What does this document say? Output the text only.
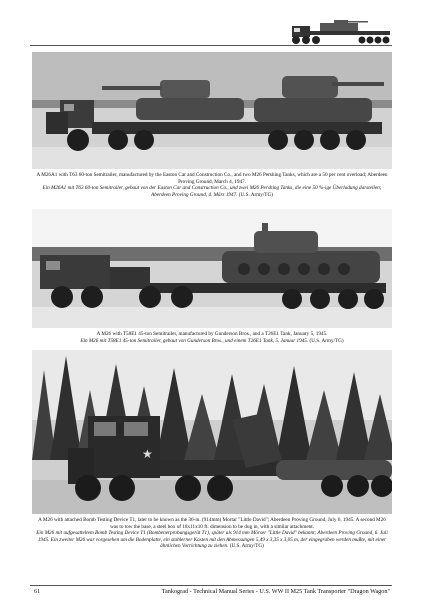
A M26A1 with T63 60-ton Semitrailer, manufactured by the Easton Car and Construction Co., and two M26 Pershing Tanks, which are a 50 per cent overload; Aberdeen Proving Ground, March 4, 1947.
Ein M26A1 mit T63 60-ton Semitrailer, gebaut von der Easton Car and Construction Co., und zwei M26 Pershing Tanks, die eine 50 %-ige Überladung darstellen; Aberdeen Proving Ground, 4. März 1947. (U.S. Army/TG)
A M26 with T58E1 45-ton Semitrailer, manufactured by Gunderson Bros., and a T26E1 Tank, January 5, 1945.
Ein M26 mit T58E1 45-ton Semitrailer, gebaut von Gunderson Bros., und einem T26E1 Tank, 5. Januar 1945. (U.S. Army/TG)
★
A M26 with attached Bomb Testing Device T1, later to be known as the 36-in. (914mm) Mortar "Little David"; Aberdeen Proving Ground, July 6, 1945. A second M26 was to tow the base, a steel box of 18x11x10 ft. dimension to be dug in, with a similar attachment.
Ein M26 mit aufgesatteltem Bomb Testing Device T1 (Bombenerprobungsgerät T1), später als 914 mm Mörser "Little David" bekannt; Aberdeen Proving Ground, 6. Juli 1945. Ein zweiter M26 war vorgesehen um die Bodenplatte, ein stahlerner Kasten mit den Abmessungen 5,49 x 3,35 x 3,05 m, der eingegraben werden mußte, mit einer ähnlichen Vorrichtung zu ziehen. (U.S. Army/TG)
61	Tankograd - Technical Manual Series - U.S. WW II M25 Tank Transporter "Dragon Wagon"
